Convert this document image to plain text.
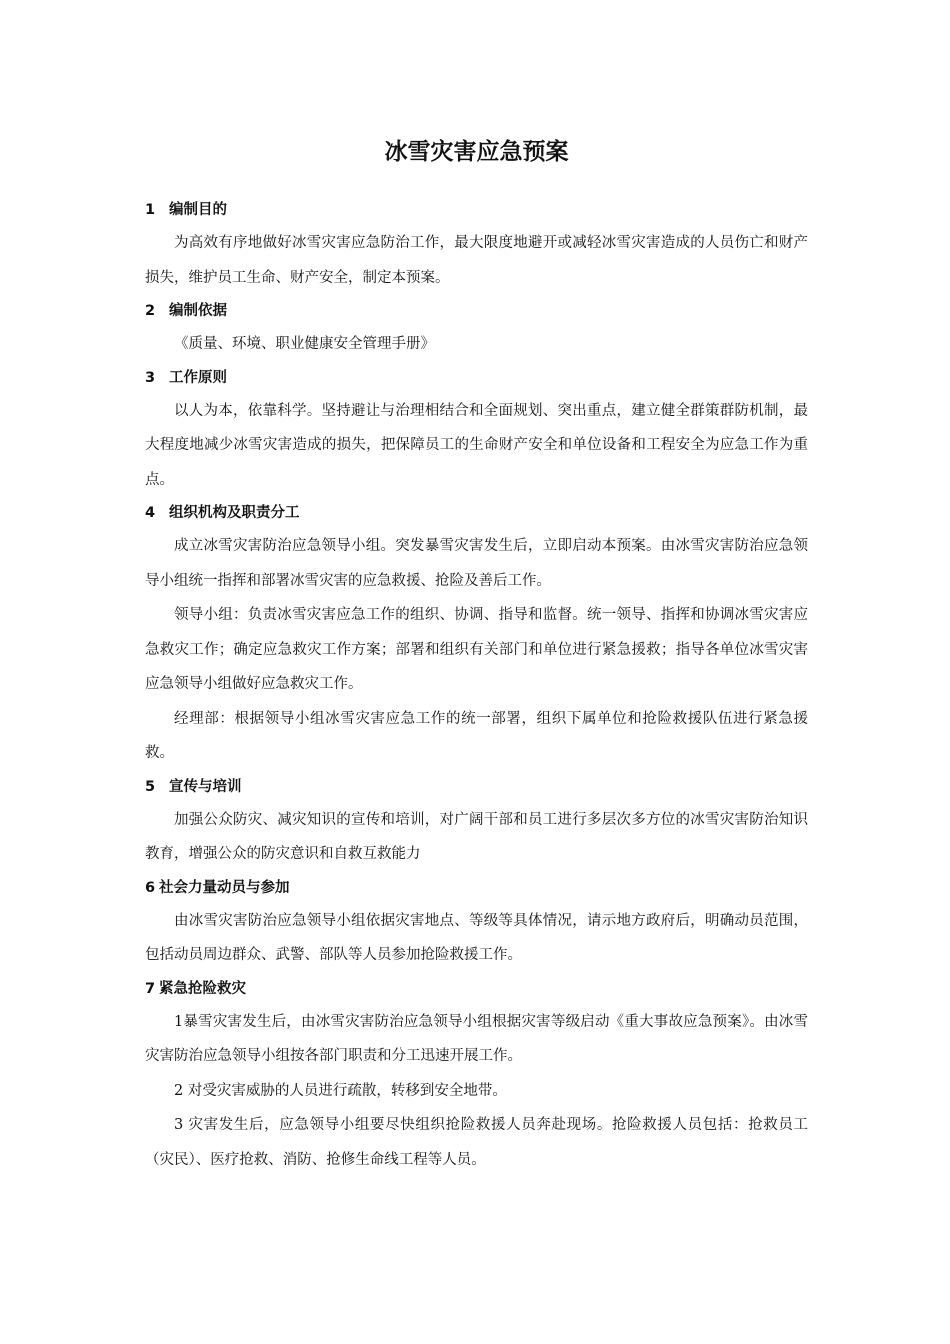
冰雪灾害应急预案
1 编制目的

为高效有序地做好冰雪灾害应急防治工作，最大限度地避开或减轻冰雪灾害造成的人员伤亡和财产损失，维护员工生命、财产安全，制定本预案。

2 编制依据

《质量、环境、职业健康安全管理手册》

3 工作原则

以人为本，依靠科学。坚持避让与治理相结合和全面规划、突出重点，建立健全群策群防机制，最大程度地减少冰雪灾害造成的损失，把保障员工的生命财产安全和单位设备和工程安全为应急工作为重点。

4 组织机构及职责分工

成立冰雪灾害防治应急领导小组。突发暴雪灾害发生后，立即启动本预案。由冰雪灾害防治应急领导小组统一指挥和部署冰雪灾害的应急救援、抢险及善后工作。

领导小组：负责冰雪灾害应急工作的组织、协调、指导和监督。统一领导、指挥和协调冰雪灾害应急救灾工作；确定应急救灾工作方案；部署和组织有关部门和单位进行紧急援救；指导各单位冰雪灾害应急领导小组做好应急救灾工作。

经理部：根据领导小组冰雪灾害应急工作的统一部署，组织下属单位和抢险救援队伍进行紧急援救。

5 宣传与培训

加强公众防灾、减灾知识的宣传和培训，对广阔干部和员工进行多层次多方位的冰雪灾害防治知识教育，增强公众的防灾意识和自救互救能力

6 社会力量动员与参加

由冰雪灾害防治应急领导小组依据灾害地点、等级等具体情况，请示地方政府后，明确动员范围，包括动员周边群众、武警、部队等人员参加抢险救援工作。

7 紧急抢险救灾

1暴雪灾害发生后，由冰雪灾害防治应急领导小组根据灾害等级启动《重大事故应急预案》。由冰雪灾害防治应急领导小组按各部门职责和分工迅速开展工作。

2 对受灾害威胁的人员进行疏散，转移到安全地带。

3 灾害发生后，应急领导小组要尽快组织抢险救援人员奔赴现场。抢险救援人员包括：抢救员工（灾民）、医疗抢救、消防、抢修生命线工程等人员。
